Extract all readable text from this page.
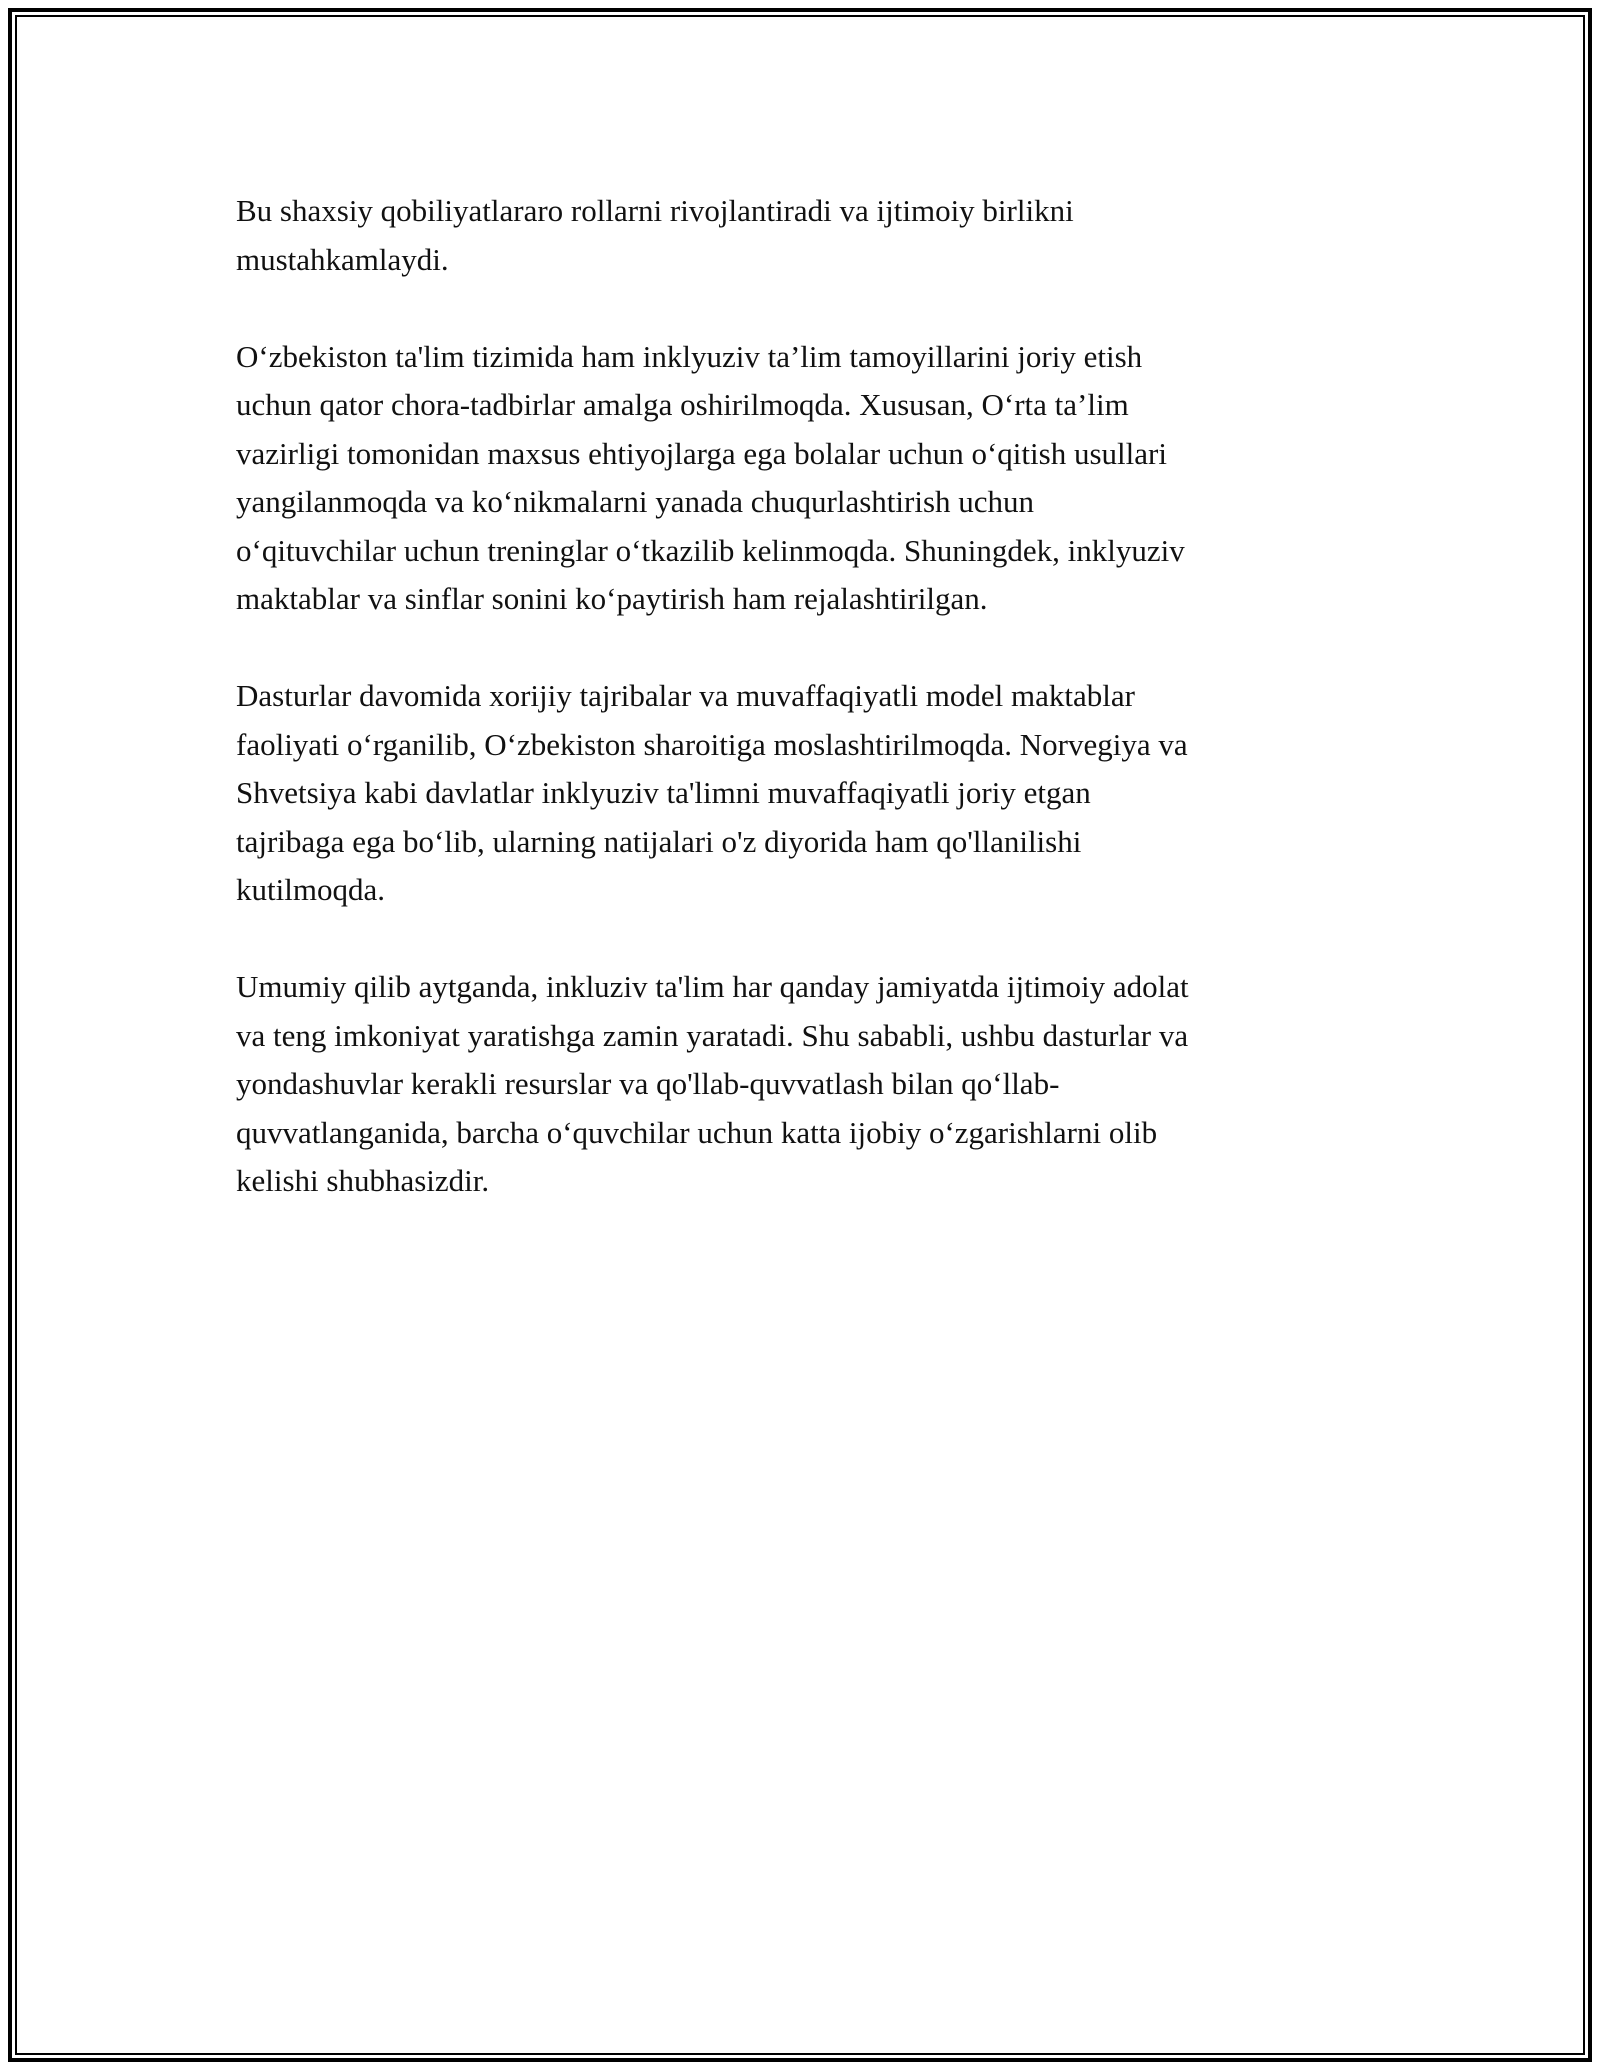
Bu shaxsiy qobiliyatlararo rollarni rivojlantiradi va ijtimoiy birlikni
mustahkamlaydi.

O‘zbekiston ta'lim tizimida ham inklyuziv ta’lim tamoyillarini joriy etish
uchun qator chora-tadbirlar amalga oshirilmoqda. Xususan, O‘rta ta’lim
vazirligi tomonidan maxsus ehtiyojlarga ega bolalar uchun o‘qitish usullari
yangilanmoqda va ko‘nikmalarni yanada chuqurlashtirish uchun
o‘qituvchilar uchun treninglar o‘tkazilib kelinmoqda. Shuningdek, inklyuziv
maktablar va sinflar sonini ko‘paytirish ham rejalashtirilgan.

Dasturlar davomida xorijiy tajribalar va muvaffaqiyatli model maktablar
faoliyati o‘rganilib, O‘zbekiston sharoitiga moslashtirilmoqda. Norvegiya va
Shvetsiya kabi davlatlar inklyuziv ta'limni muvaffaqiyatli joriy etgan
tajribaga ega bo‘lib, ularning natijalari o'z diyorida ham qo'llanilishi
kutilmoqda.

Umumiy qilib aytganda, inkluziv ta'lim har qanday jamiyatda ijtimoiy adolat
va teng imkoniyat yaratishga zamin yaratadi. Shu sababli, ushbu dasturlar va
yondashuvlar kerakli resurslar va qo'llab-quvvatlash bilan qo‘llab-
quvvatlanganida, barcha o‘quvchilar uchun katta ijobiy o‘zgarishlarni olib
kelishi shubhasizdir.
